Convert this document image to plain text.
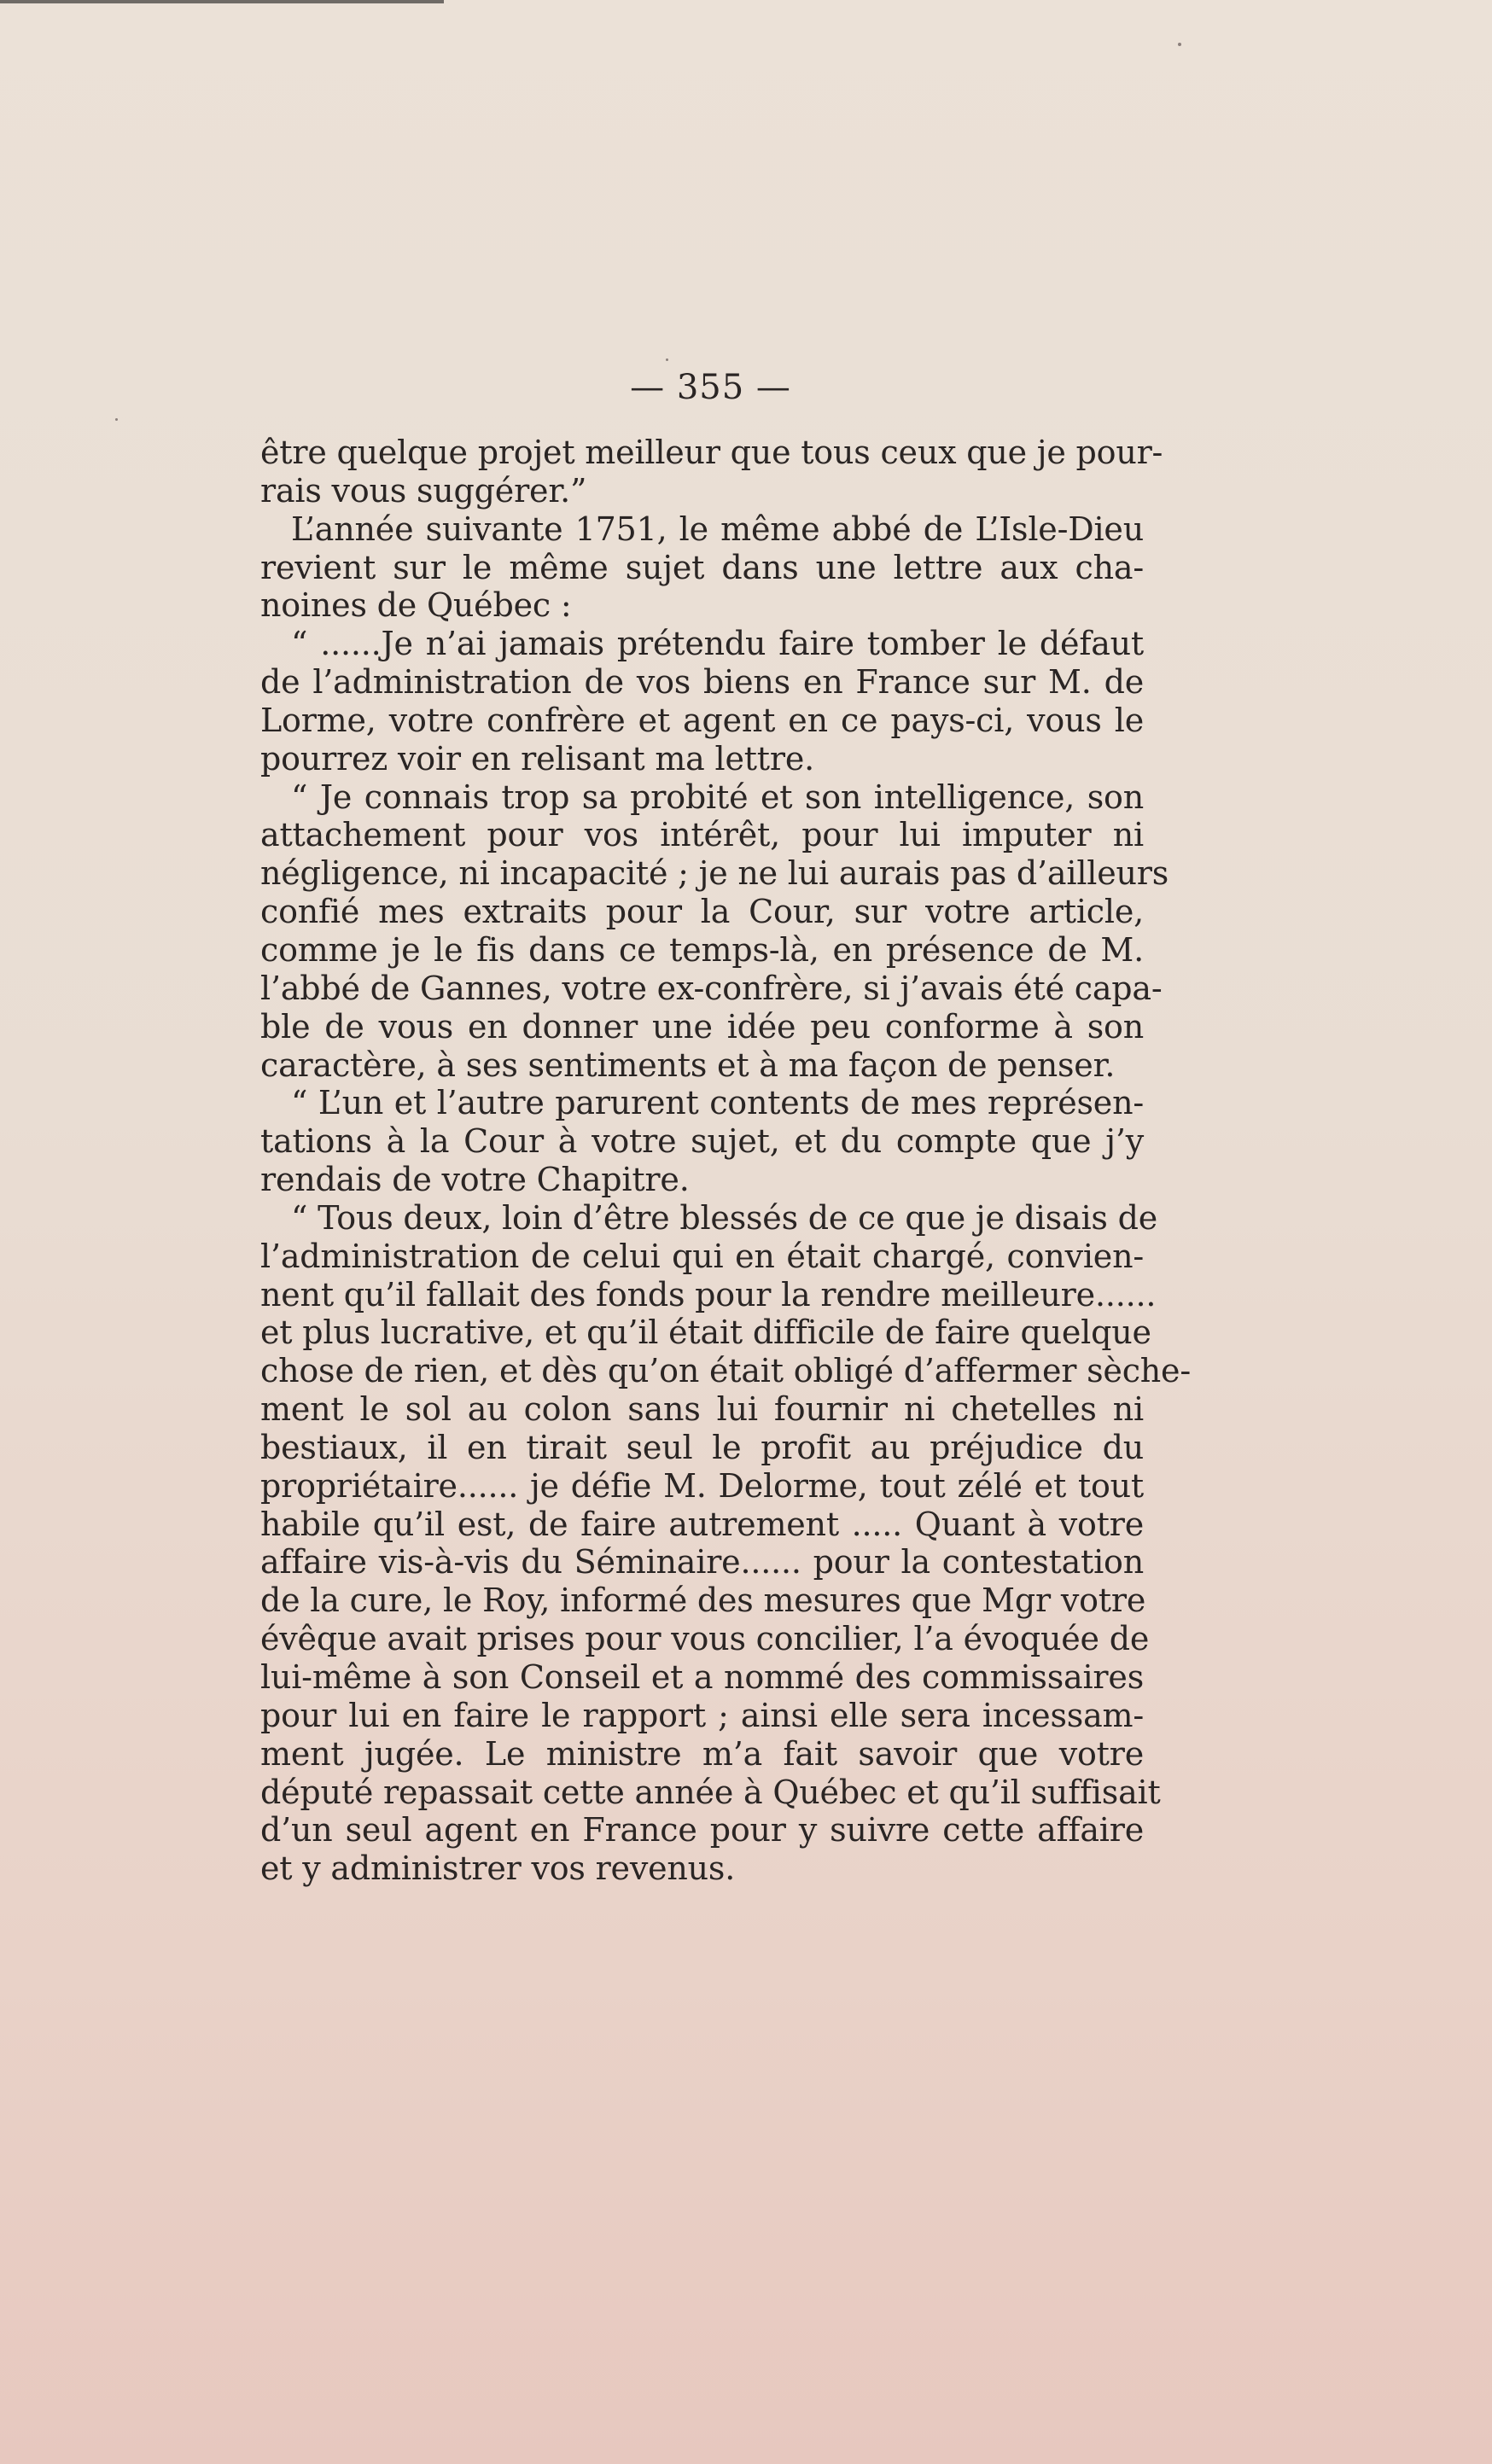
— 355 —
être quelque projet meilleur que tous ceux que je pour-
rais vous suggérer.”
L’année suivante 1751, le même abbé de L’Isle-Dieu
revient sur le même sujet dans une lettre aux cha-
noines de Québec :
“ ......Je n’ai jamais prétendu faire tomber le défaut
de l’administration de vos biens en France sur M. de
Lorme, votre confrère et agent en ce pays-ci, vous le
pourrez voir en relisant ma lettre.
“ Je connais trop sa probité et son intelligence, son
attachement pour vos intérêt, pour lui imputer ni
négligence, ni incapacité ; je ne lui aurais pas d’ailleurs
confié mes extraits pour la Cour, sur votre article,
comme je le fis dans ce temps-là, en présence de M.
l’abbé de Gannes, votre ex-confrère, si j’avais été capa-
ble de vous en donner une idée peu conforme à son
caractère, à ses sentiments et à ma façon de penser.
“ L’un et l’autre parurent contents de mes représen-
tations à la Cour à votre sujet, et du compte que j’y
rendais de votre Chapitre.
“ Tous deux, loin d’être blessés de ce que je disais de
l’administration de celui qui en était chargé, convien-
nent qu’il fallait des fonds pour la rendre meilleure......
et plus lucrative, et qu’il était difficile de faire quelque
chose de rien, et dès qu’on était obligé d’affermer sèche-
ment le sol au colon sans lui fournir ni chetelles ni
bestiaux, il en tirait seul le profit au préjudice du
propriétaire...... je défie M. Delorme, tout zélé et tout
habile qu’il est, de faire autrement ..... Quant à votre
affaire vis-à-vis du Séminaire...... pour la contestation
de la cure, le Roy, informé des mesures que Mgr votre
évêque avait prises pour vous concilier, l’a évoquée de
lui-même à son Conseil et a nommé des commissaires
pour lui en faire le rapport ; ainsi elle sera incessam-
ment jugée. Le ministre m’a fait savoir que votre
député repassait cette année à Québec et qu’il suffisait
d’un seul agent en France pour y suivre cette affaire
et y administrer vos revenus.
